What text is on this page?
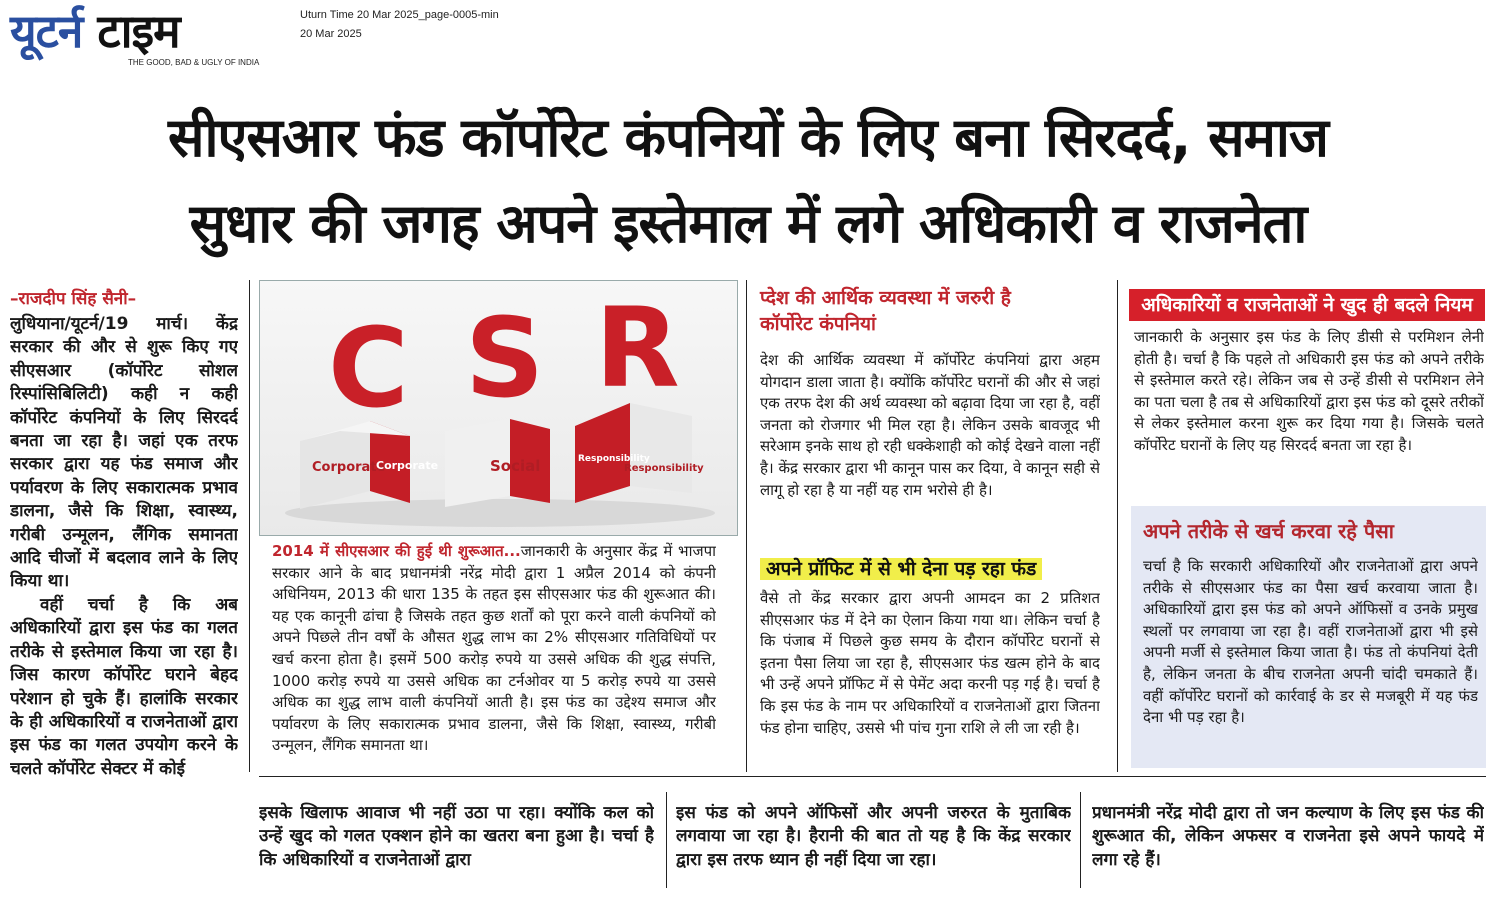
यूटर्न टाइम
THE GOOD, BAD & UGLY OF INDIA
Uturn Time 20 Mar 2025_page-0005-min
20 Mar 2025
सीएसआर फंड कॉर्पोरेट कंपनियों के लिए बना सिरदर्द, समाज
सुधार की जगह अपने इस्तेमाल में लगे अधिकारी व राजनेता
–राजदीप सिंह सैनी–
लुधियाना/यूटर्न/19 मार्च। केंद्र सरकार की और से शुरू किए गए सीएसआर (कॉर्पोरेट सोशल रिस्पांसिबिलिटी) कही न कही कॉर्पोरेट कंपनियों के लिए सिरदर्द बनता जा रहा है। जहां एक तरफ सरकार द्वारा यह फंड समाज और पर्यावरण के लिए सकारात्मक प्रभाव डालना, जैसे कि शिक्षा, स्वास्थ्य, गरीबी उन्मूलन, लैंगिक समानता आदि चीजों में बदलाव लाने के लिए किया था।
वहीं चर्चा है कि अब अधिकारियों द्वारा इस फंड का गलत तरीके से इस्तेमाल किया जा रहा है। जिस कारण कॉर्पोरेट घराने बेहद परेशान हो चुके हैं। हालांकि सरकार के ही अधिकारियों व राजनेताओं द्वारा इस फंड का गलत उपयोग करने के चलते कॉर्पोरेट सेक्टर में कोई
C S R
Corporate
Corporate	Social	Responsibility
Responsibility
2014 में सीएसआर की हुई थी शुरूआत...जानकारी के अनुसार केंद्र में भाजपा सरकार आने के बाद प्रधानमंत्री नरेंद्र मोदी द्वारा 1 अप्रैल 2014 को कंपनी अधिनियम, 2013 की धारा 135 के तहत इस सीएसआर फंड की शुरूआत की। यह एक कानूनी ढांचा है जिसके तहत कुछ शर्तों को पूरा करने वाली कंपनियों को अपने पिछले तीन वर्षों के औसत शुद्ध लाभ का 2% सीएसआर गतिविधियों पर खर्च करना होता है। इसमें 500 करोड़ रुपये या उससे अधिक की शुद्ध संपत्ति, 1000 करोड़ रुपये या उससे अधिक का टर्नओवर या 5 करोड़ रुपये या उससे अधिक का शुद्ध लाभ वाली कंपनियों आती है। इस फंड का उद्देश्य समाज और पर्यावरण के लिए सकारात्मक प्रभाव डालना, जैसे कि शिक्षा, स्वास्थ्य, गरीबी उन्मूलन, लैंगिक समानता था।
प्देश की आर्थिक व्यवस्था में जरुरी है कॉर्पोरेट कंपनियां
देश की आर्थिक व्यवस्था में कॉर्पोरेट कंपनियां द्वारा अहम योगदान डाला जाता है। क्योंकि कॉर्पोरेट घरानों की और से जहां एक तरफ देश की अर्थ व्यवस्था को बढ़ावा दिया जा रहा है, वहीं जनता को रोजगार भी मिल रहा है। लेकिन उसके बावजूद भी सरेआम इनके साथ हो रही धक्केशाही को कोई देखने वाला नहीं है। केंद्र सरकार द्वारा भी कानून पास कर दिया, वे कानून सही से लागू हो रहा है या नहीं यह राम भरोसे ही है।
अपने प्रॉफिट में से भी देना पड़ रहा फंड
वैसे तो केंद्र सरकार द्वारा अपनी आमदन का 2 प्रतिशत सीएसआर फंड में देने का ऐलान किया गया था। लेकिन चर्चा है कि पंजाब में पिछले कुछ समय के दौरान कॉर्पोरेट घरानों से इतना पैसा लिया जा रहा है, सीएसआर फंड खत्म होने के बाद भी उन्हें अपने प्रॉफिट में से पेमेंट अदा करनी पड़ गई है। चर्चा है कि इस फंड के नाम पर अधिकारियों व राजनेताओं द्वारा जितना फंड होना चाहिए, उससे भी पांच गुना राशि ले ली जा रही है।
अधिकारियों व राजनेताओं ने खुद ही बदले नियम
जानकारी के अनुसार इस फंड के लिए डीसी से परमिशन लेनी होती है। चर्चा है कि पहले तो अधिकारी इस फंड को अपने तरीके से इस्तेमाल करते रहे। लेकिन जब से उन्हें डीसी से परमिशन लेने का पता चला है तब से अधिकारियों द्वारा इस फंड को दूसरे तरीकों से लेकर इस्तेमाल करना शुरू कर दिया गया है। जिसके चलते कॉर्पोरेट घरानों के लिए यह सिरदर्द बनता जा रहा है।
अपने तरीके से खर्च करवा रहे पैसा
चर्चा है कि सरकारी अधिकारियों और राजनेताओं द्वारा अपने तरीके से सीएसआर फंड का पैसा खर्च करवाया जाता है। अधिकारियों द्वारा इस फंड को अपने ऑफिसों व उनके प्रमुख स्थलों पर लगवाया जा रहा है। वहीं राजनेताओं द्वारा भी इसे अपनी मर्जी से इस्तेमाल किया जाता है। फंड तो कंपनियां देती है, लेकिन जनता के बीच राजनेता अपनी चांदी चमकाते हैं। वहीं कॉर्पोरेट घरानों को कार्रवाई के डर से मजबूरी में यह फंड देना भी पड़ रहा है।
इसके खिलाफ आवाज भी नहीं उठा पा रहा। क्योंकि कल को उन्हें खुद को गलत एक्शन होने का खतरा बना हुआ है। चर्चा है कि अधिकारियों व राजनेताओं द्वारा
इस फंड को अपने ऑफिसों और अपनी जरुरत के मुताबिक लगवाया जा रहा है। हैरानी की बात तो यह है कि केंद्र सरकार द्वारा इस तरफ ध्यान ही नहीं दिया जा रहा।
प्रधानमंत्री नरेंद्र मोदी द्वारा तो जन कल्याण के लिए इस फंड की शुरूआत की, लेकिन अफसर व राजनेता इसे अपने फायदे में लगा रहे हैं।
